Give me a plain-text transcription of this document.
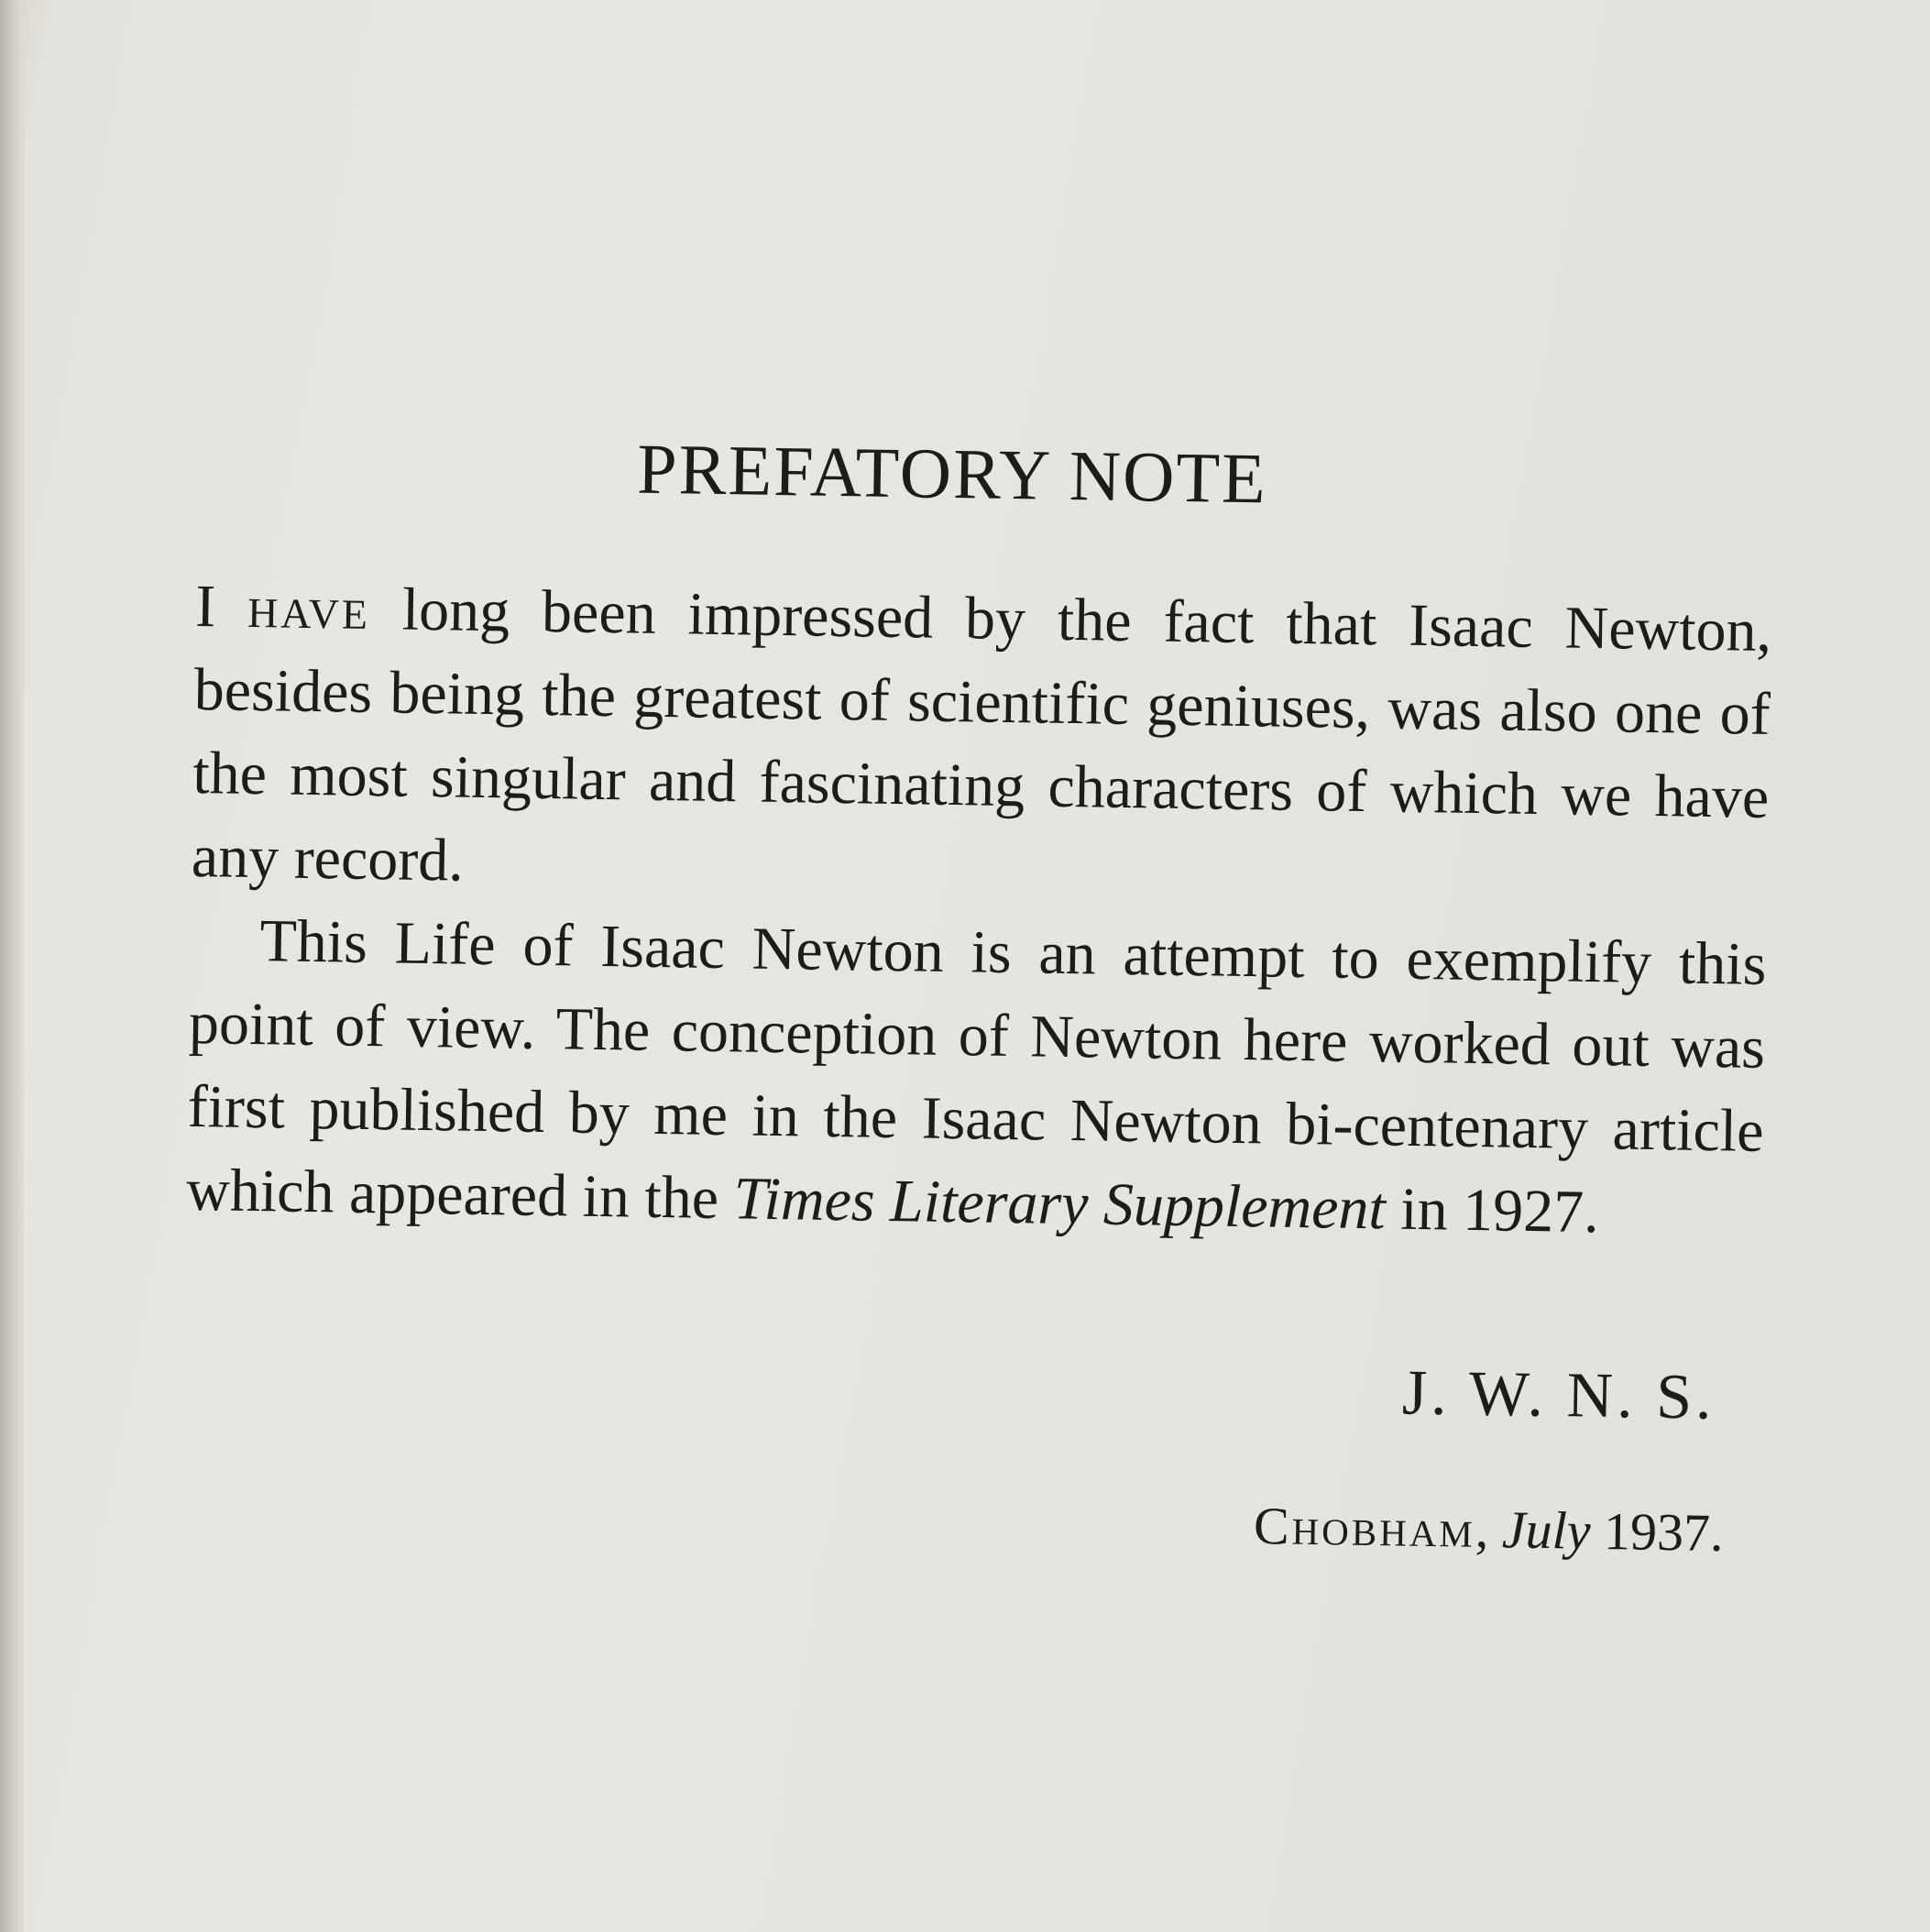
PREFATORY NOTE

I have long been impressed by the fact that Isaac Newton, besides being the greatest of scientific geniuses, was also one of the most singular and fascinating characters of which we have any record.

This Life of Isaac Newton is an attempt to exemplify this point of view. The conception of Newton here worked out was first published by me in the Isaac Newton bi-centenary article which appeared in the Times Literary Supplement in 1927.

J. W. N. S.
Chobham, July 1937.
